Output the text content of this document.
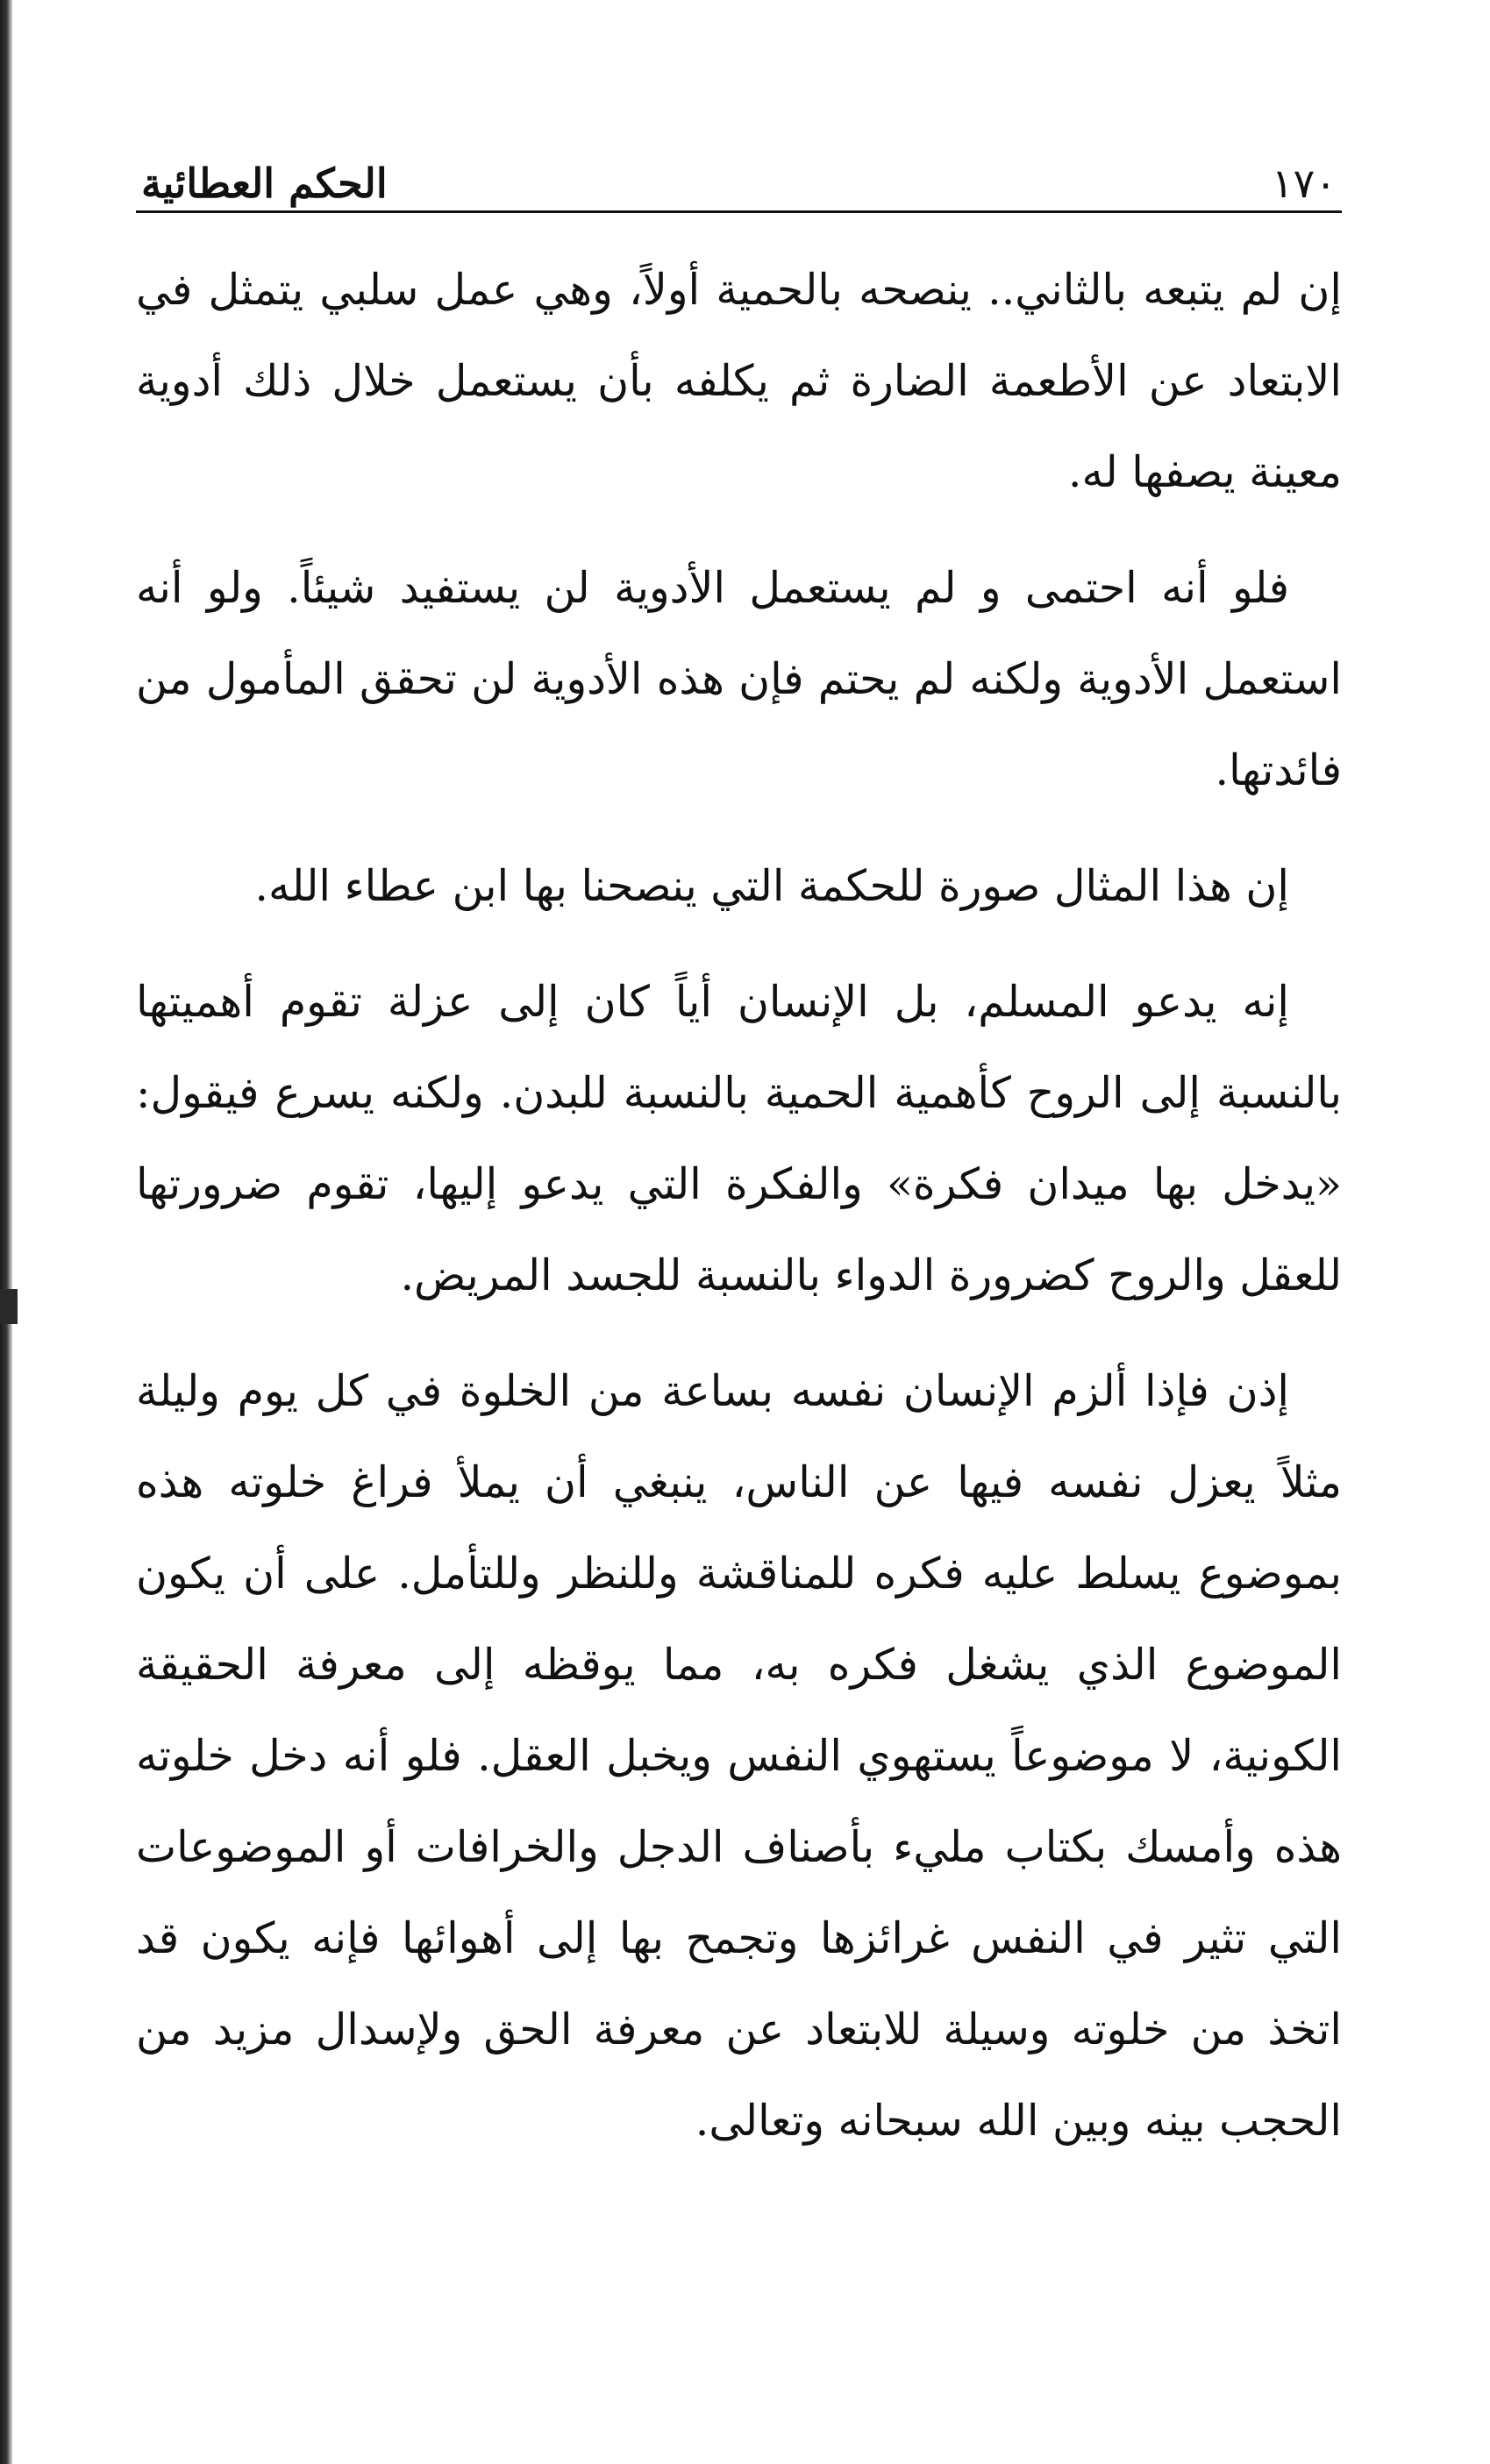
١٧٠
الحكم العطائية

إن لم يتبعه بالثاني.. ينصحه بالحمية أولاً، وهي عمل سلبي يتمثل في الابتعاد عن الأطعمة الضارة ثم يكلفه بأن يستعمل خلال ذلك أدوية معينة يصفها له.

فلو أنه احتمى و لم يستعمل الأدوية لن يستفيد شيئاً. ولو أنه استعمل الأدوية ولكنه لم يحتم فإن هذه الأدوية لن تحقق المأمول من فائدتها.

إن هذا المثال صورة للحكمة التي ينصحنا بها ابن عطاء الله.

إنه يدعو المسلم، بل الإنسان أياً كان إلى عزلة تقوم أهميتها بالنسبة إلى الروح كأهمية الحمية بالنسبة للبدن. ولكنه يسرع فيقول: «يدخل بها ميدان فكرة» والفكرة التي يدعو إليها، تقوم ضرورتها للعقل والروح كضرورة الدواء بالنسبة للجسد المريض.

إذن فإذا ألزم الإنسان نفسه بساعة من الخلوة في كل يوم وليلة مثلاً يعزل نفسه فيها عن الناس، ينبغي أن يملأ فراغ خلوته هذه بموضوع يسلط عليه فكره للمناقشة وللنظر وللتأمل. على أن يكون الموضوع الذي يشغل فكره به، مما يوقظه إلى معرفة الحقيقة الكونية، لا موضوعاً يستهوي النفس ويخبل العقل. فلو أنه دخل خلوته هذه وأمسك بكتاب مليء بأصناف الدجل والخرافات أو الموضوعات التي تثير في النفس غرائزها وتجمح بها إلى أهوائها فإنه يكون قد اتخذ من خلوته وسيلة للابتعاد عن معرفة الحق ولإسدال مزيد من الحجب بينه وبين الله سبحانه وتعالى.
